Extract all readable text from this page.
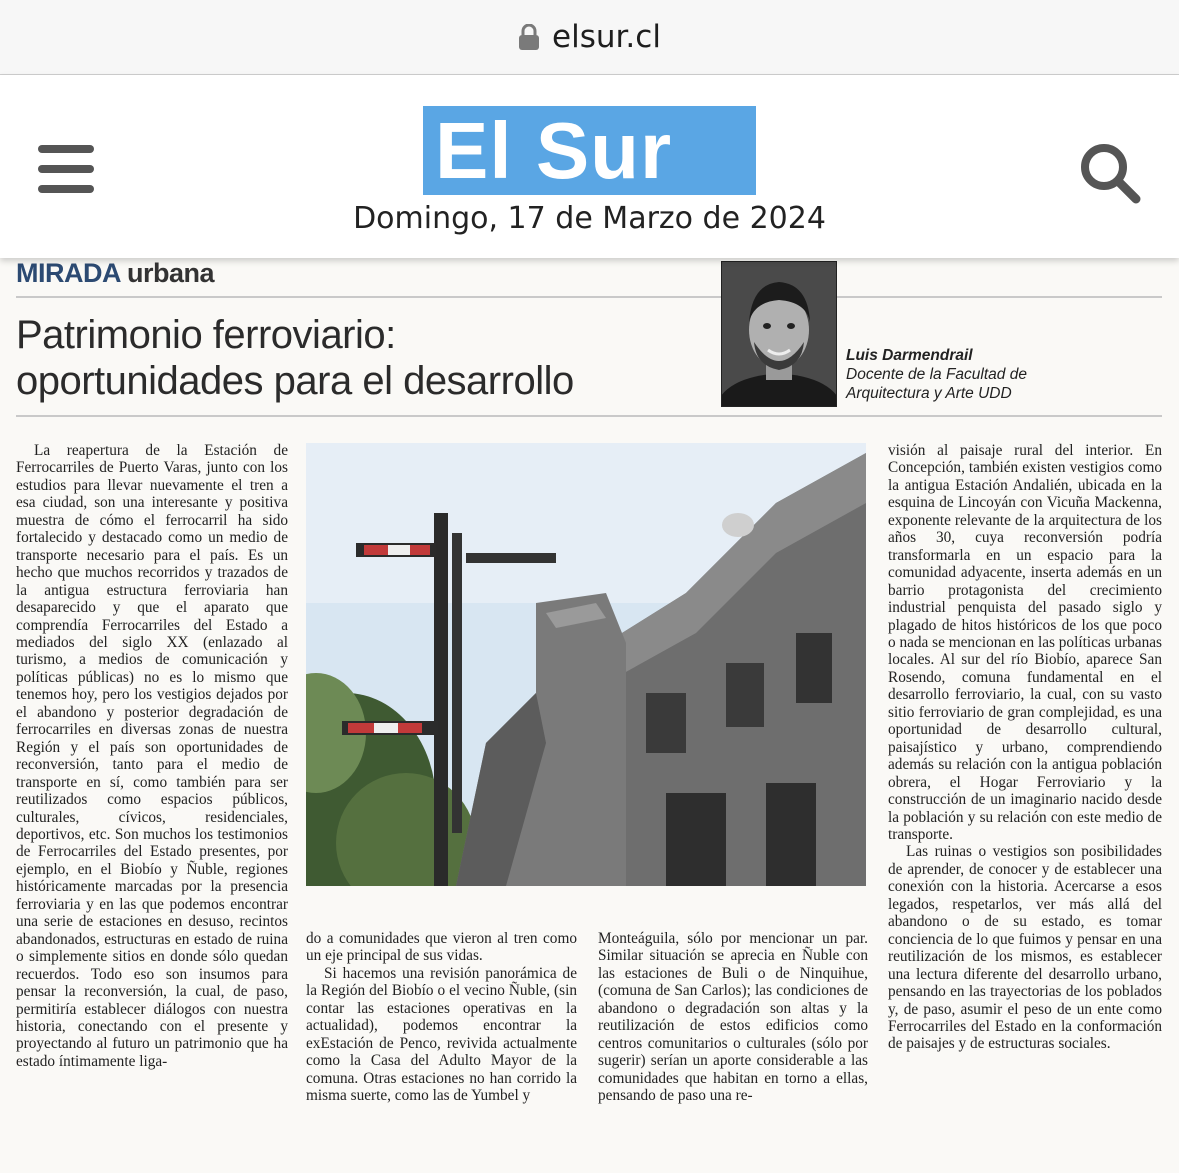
elsur.cl
El Sur
Domingo, 17 de Marzo de 2024
MIRADA urbana
Patrimonio ferroviario:
oportunidades para el desarrollo
Luis Darmendrail
Docente de la Facultad de
Arquitectura y Arte UDD

La reapertura de la Estación de Ferrocarriles de Puerto Varas, junto con los estudios para llevar nuevamente el tren a esa ciudad, son una interesante y positiva muestra de cómo el ferrocarril ha sido fortalecido y destacado como un medio de transporte necesario para el país. Es un hecho que muchos recorridos y trazados de la antigua estructura ferroviaria han desaparecido y que el aparato que comprendía Ferrocarriles del Estado a mediados del siglo XX (enlazado al turismo, a medios de comunicación y políticas públicas) no es lo mismo que tenemos hoy, pero los vestigios dejados por el abandono y posterior degradación de ferrocarriles en diversas zonas de nuestra Región y el país son oportunidades de reconversión, tanto para el medio de transporte en sí, como también para ser reutilizados como espacios públicos, culturales, cívicos, residenciales, deportivos, etc. Son muchos los testimonios de Ferrocarriles del Estado presentes, por ejemplo, en el Biobío y Ñuble, regiones históricamente marcadas por la presencia ferroviaria y en las que podemos encontrar una serie de estaciones en desuso, recintos abandonados, estructuras en estado de ruina o simplemente sitios en donde sólo quedan recuerdos. Todo eso son insumos para pensar la reconversión, la cual, de paso, permitiría establecer diálogos con nuestra historia, conectando con el presente y proyectando al futuro un patrimonio que ha estado íntimamente liga-

do a comunidades que vieron al tren como un eje principal de sus vidas.

Si hacemos una revisión panorámica de la Región del Biobío o el vecino Ñuble, (sin contar las estaciones operativas en la actualidad), podemos encontrar la exEstación de Penco, revivida actualmente como la Casa del Adulto Mayor de la comuna. Otras estaciones no han corrido la misma suerte, como las de Yumbel y

Monteáguila, sólo por mencionar un par. Similar situación se aprecia en Ñuble con las estaciones de Buli o de Ninquihue, (comuna de San Carlos); las condiciones de abandono o degradación son altas y la reutilización de estos edificios como centros comunitarios o culturales (sólo por sugerir) serían un aporte considerable a las comunidades que habitan en torno a ellas, pensando de paso una re-

visión al paisaje rural del interior. En Concepción, también existen vestigios como la antigua Estación Andalién, ubicada en la esquina de Lincoyán con Vicuña Mackenna, exponente relevante de la arquitectura de los años 30, cuya reconversión podría transformarla en un espacio para la comunidad adyacente, inserta además en un barrio protagonista del crecimiento industrial penquista del pasado siglo y plagado de hitos históricos de los que poco o nada se mencionan en las políticas urbanas locales. Al sur del río Biobío, aparece San Rosendo, comuna fundamental en el desarrollo ferroviario, la cual, con su vasto sitio ferroviario de gran complejidad, es una oportunidad de desarrollo cultural, paisajístico y urbano, comprendiendo además su relación con la antigua población obrera, el Hogar Ferroviario y la construcción de un imaginario nacido desde la población y su relación con este medio de transporte.

Las ruinas o vestigios son posibilidades de aprender, de conocer y de establecer una conexión con la historia. Acercarse a esos legados, respetarlos, ver más allá del abandono o de su estado, es tomar conciencia de lo que fuimos y pensar en una reutilización de los mismos, es establecer una lectura diferente del desarrollo urbano, pensando en las trayectorias de los poblados y, de paso, asumir el peso de un ente como Ferrocarriles del Estado en la conformación de paisajes y de estructuras sociales.
